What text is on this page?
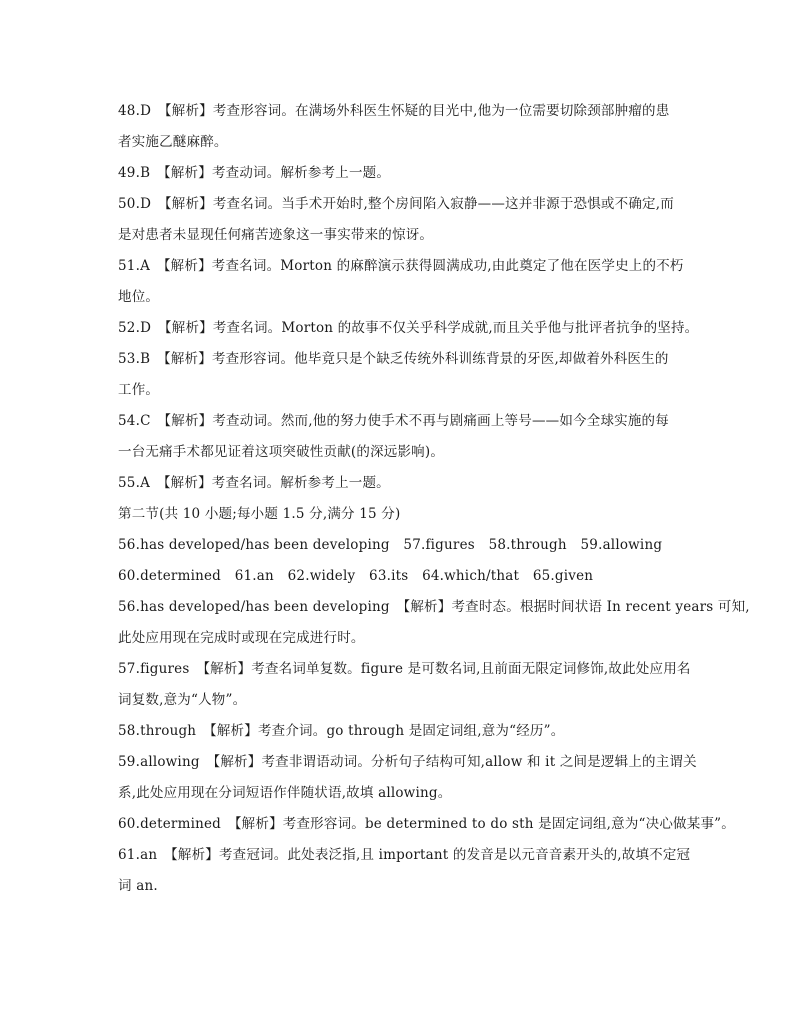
48.D　【解析】考查形容词。在满场外科医生怀疑的目光中,他为一位需要切除颈部肿瘤的患
者实施乙醚麻醉。
49.B　【解析】考查动词。解析参考上一题。
50.D　【解析】考查名词。当手术开始时,整个房间陷入寂静——这并非源于恐惧或不确定,而
是对患者未显现任何痛苦迹象这一事实带来的惊讶。
51.A　【解析】考查名词。Morton 的麻醉演示获得圆满成功,由此奠定了他在医学史上的不朽
地位。
52.D　【解析】考查名词。Morton 的故事不仅关乎科学成就,而且关乎他与批评者抗争的坚持。
53.B　【解析】考查形容词。他毕竟只是个缺乏传统外科训练背景的牙医,却做着外科医生的
工作。
54.C　【解析】考查动词。然而,他的努力使手术不再与剧痛画上等号——如今全球实施的每
一台无痛手术都见证着这项突破性贡献(的深远影响)。
55.A　【解析】考查名词。解析参考上一题。
第二节(共 10 小题;每小题 1.5 分,满分 15 分)
56.has developed/has been developing　57.figures　58.through　59.allowing
60.determined　61.an　62.widely　63.its　64.which/that　65.given
56.has developed/has been developing　【解析】考查时态。根据时间状语 In recent years 可知,
此处应用现在完成时或现在完成进行时。
57.figures　【解析】考查名词单复数。figure 是可数名词,且前面无限定词修饰,故此处应用名
词复数,意为“人物”。
58.through　【解析】考查介词。go through 是固定词组,意为“经历”。
59.allowing　【解析】考查非谓语动词。分析句子结构可知,allow 和 it 之间是逻辑上的主谓关
系,此处应用现在分词短语作伴随状语,故填 allowing。
60.determined　【解析】考查形容词。be determined to do sth 是固定词组,意为“决心做某事”。
61.an　【解析】考查冠词。此处表泛指,且 important 的发音是以元音音素开头的,故填不定冠
词 an.
